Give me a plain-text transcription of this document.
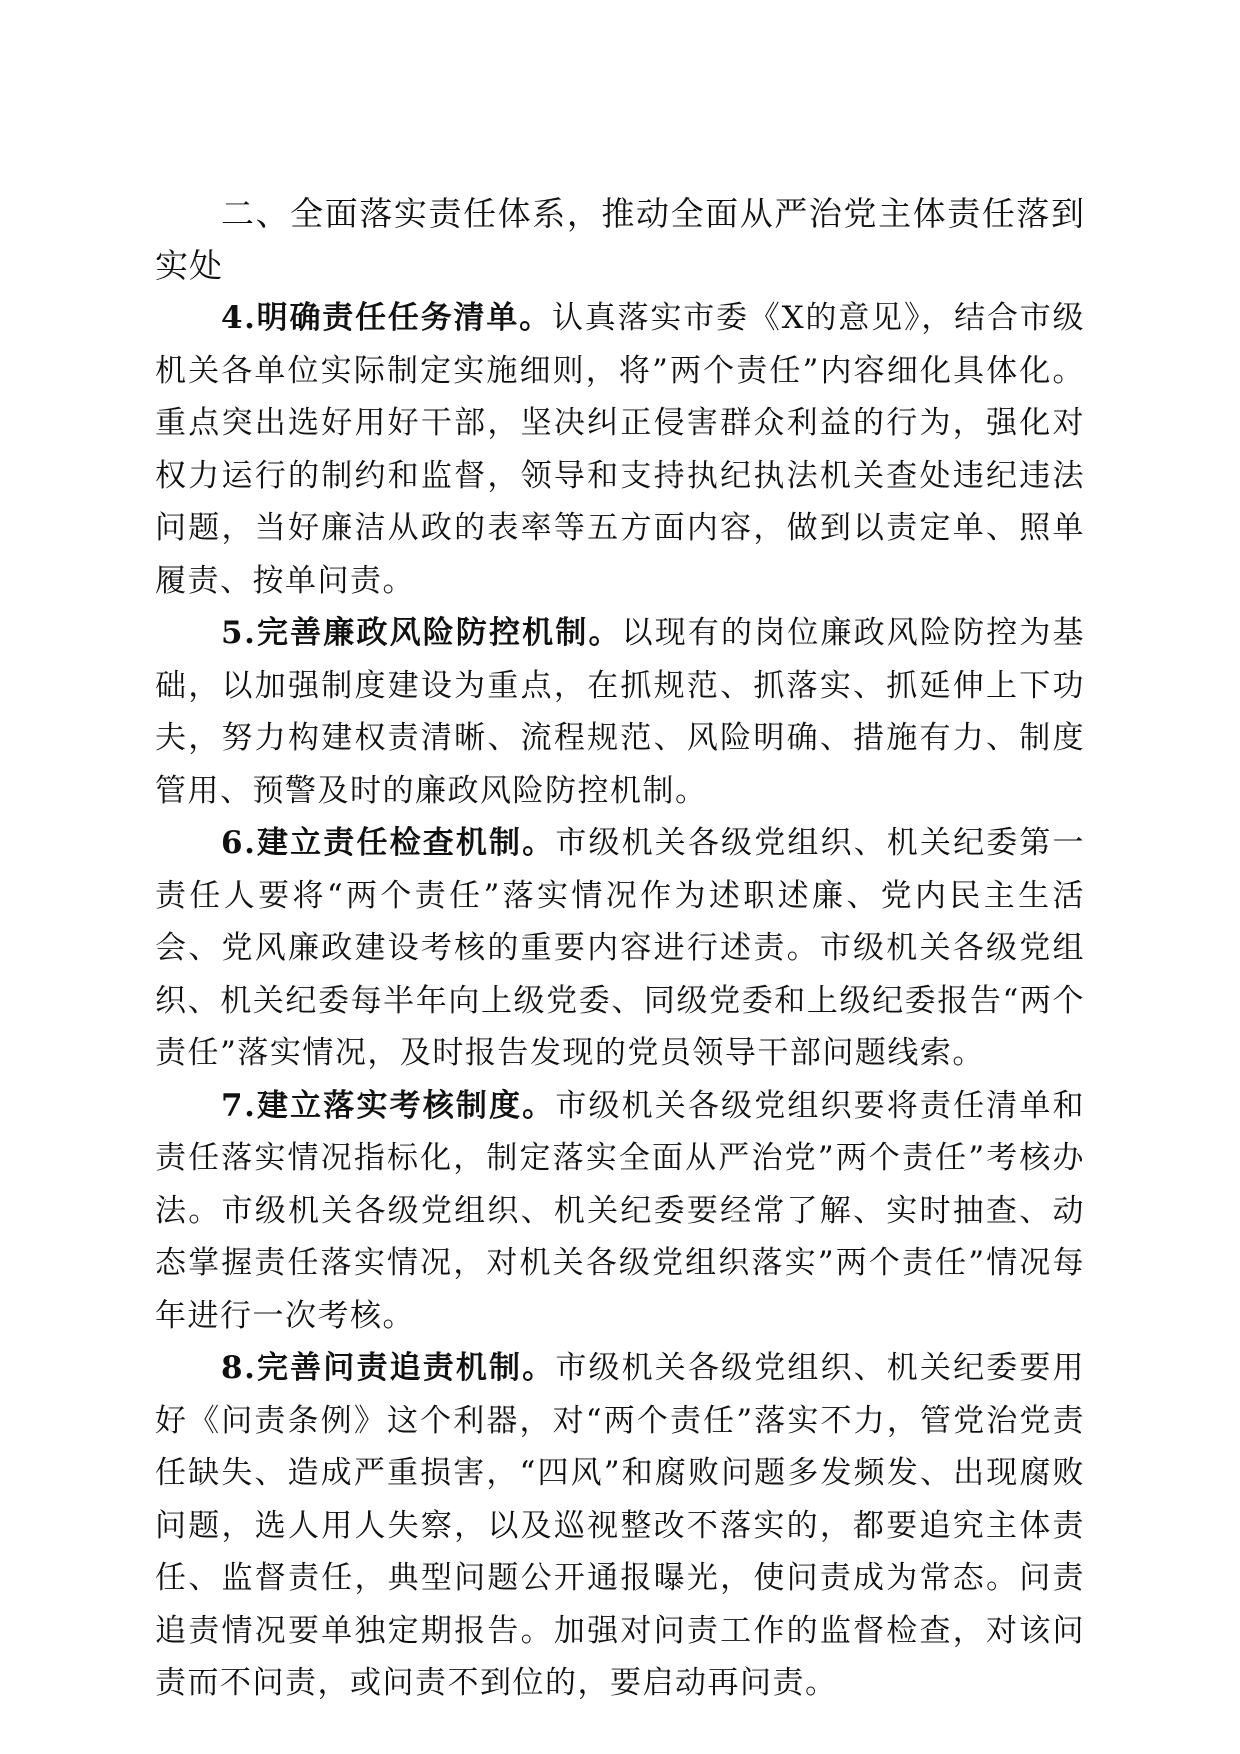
二、全面落实责任体系，推动全面从严治党主体责任落到实处

4.明确责任任务清单。认真落实市委《X的意见》，结合市级机关各单位实际制定实施细则，将”两个责任”内容细化具体化。重点突出选好用好干部，坚决纠正侵害群众利益的行为，强化对权力运行的制约和监督，领导和支持执纪执法机关查处违纪违法问题，当好廉洁从政的表率等五方面内容，做到以责定单、照单履责、按单问责。

5.完善廉政风险防控机制。以现有的岗位廉政风险防控为基础，以加强制度建设为重点，在抓规范、抓落实、抓延伸上下功夫，努力构建权责清晰、流程规范、风险明确、措施有力、制度管用、预警及时的廉政风险防控机制。

6.建立责任检查机制。市级机关各级党组织、机关纪委第一责任人要将“两个责任”落实情况作为述职述廉、党内民主生活会、党风廉政建设考核的重要内容进行述责。市级机关各级党组织、机关纪委每半年向上级党委、同级党委和上级纪委报告“两个责任”落实情况，及时报告发现的党员领导干部问题线索。

7.建立落实考核制度。市级机关各级党组织要将责任清单和责任落实情况指标化，制定落实全面从严治党”两个责任”考核办法。市级机关各级党组织、机关纪委要经常了解、实时抽查、动态掌握责任落实情况，对机关各级党组织落实”两个责任”情况每年进行一次考核。

8.完善问责追责机制。市级机关各级党组织、机关纪委要用好《问责条例》这个利器，对“两个责任”落实不力，管党治党责任缺失、造成严重损害，“四风”和腐败问题多发频发、出现腐败问题，选人用人失察，以及巡视整改不落实的，都要追究主体责任、监督责任，典型问题公开通报曝光，使问责成为常态。问责追责情况要单独定期报告。加强对问责工作的监督检查，对该问责而不问责，或问责不到位的，要启动再问责。
